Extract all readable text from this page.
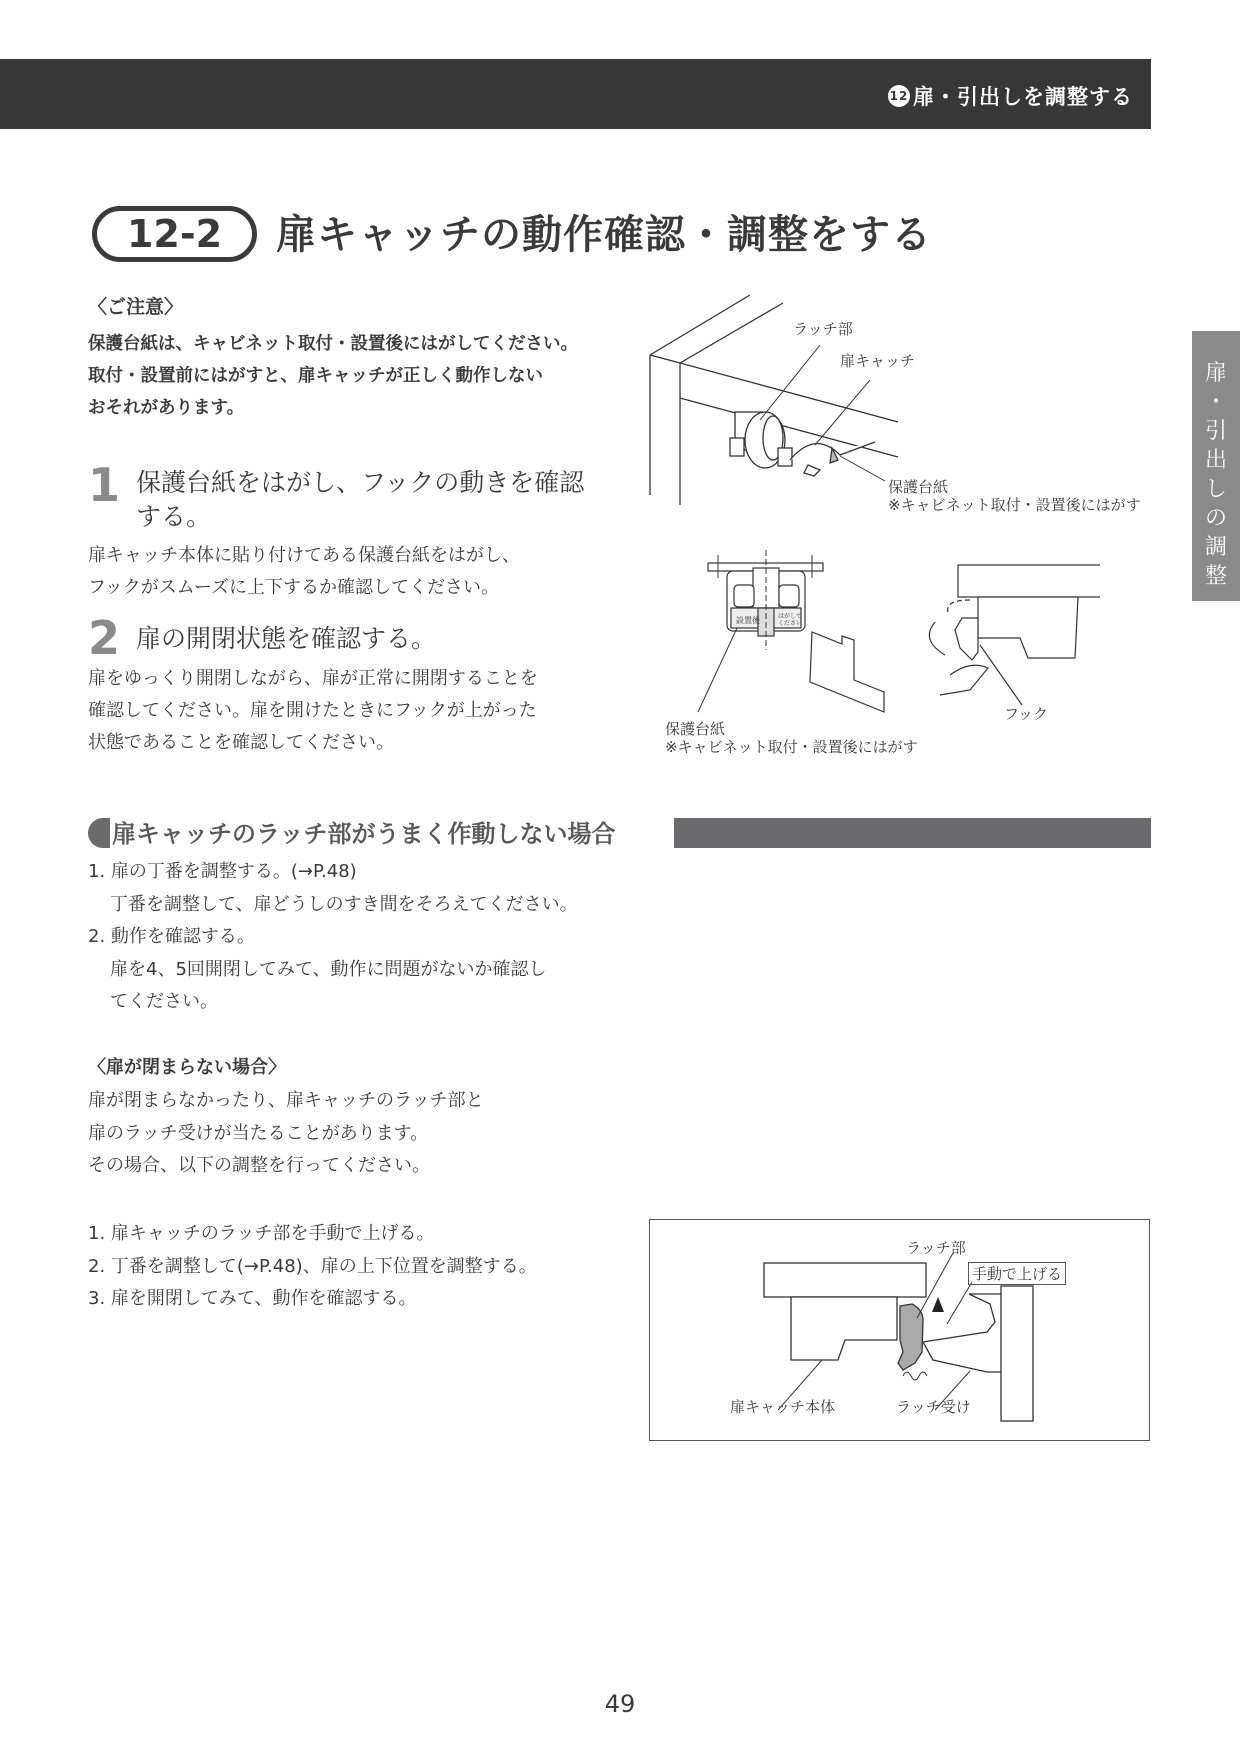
12 扉・引出しを調整する
扉
・
引
出
し
の
調
整
12-2 扉キャッチの動作確認・調整をする
〈ご注意〉
保護台紙は、キャビネット取付・設置後にはがしてください。
取付・設置前にはがすと、扉キャッチが正しく動作しない
おそれがあります。
1 保護台紙をはがし、フックの動きを確認
する。
扉キャッチ本体に貼り付けてある保護台紙をはがし、
フックがスムーズに上下するか確認してください。
2 扉の開閉状態を確認する。
扉をゆっくり開閉しながら、扉が正常に開閉することを
確認してください。扉を開けたときにフックが上がった
状態であることを確認してください。
ラッチ部
扉キャッチ
保護台紙
※キャビネット取付・設置後にはがす
設置後	はがして
ください
保護台紙
※キャビネット取付・設置後にはがす
フック
扉キャッチのラッチ部がうまく作動しない場合
1. 扉の丁番を調整する。(→P.48)
丁番を調整して、扉どうしのすき間をそろえてください。
2. 動作を確認する。
扉を4、5回開閉してみて、動作に問題がないか確認し
てください。
〈扉が閉まらない場合〉
扉が閉まらなかったり、扉キャッチのラッチ部と
扉のラッチ受けが当たることがあります。
その場合、以下の調整を行ってください。
1. 扉キャッチのラッチ部を手動で上げる。
2. 丁番を調整して(→P.48)、扉の上下位置を調整する。
3. 扉を開閉してみて、動作を確認する。
ラッチ部
手動で上げる
扉キャッチ本体	ラッチ受け
49
